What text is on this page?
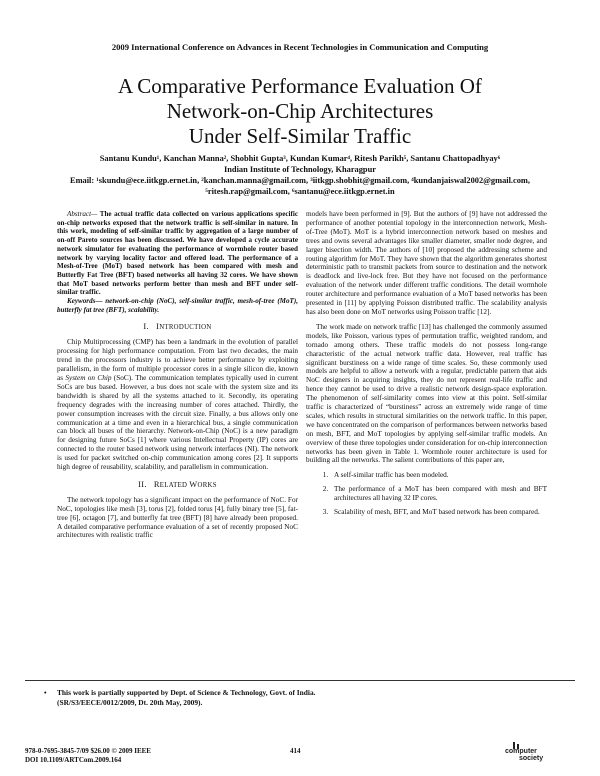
2009 International Conference on Advances in Recent Technologies in Communication and Computing
A Comparative Performance Evaluation Of
Network-on-Chip Architectures
Under Self-Similar Traffic
Santanu Kundu¹, Kanchan Manna², Shobhit Gupta³, Kundan Kumar⁴, Ritesh Parikh⁵, Santanu Chattopadhyay⁶
Indian Institute of Technology, Kharagpur
Email: ¹skundu@ece.iitkgp.ernet.in, ²kanchan.manna@gmail.com, ³iitkgp.shobhit@gmail.com, ⁴kundanjaiswal2002@gmail.com,
⁵ritesh.rap@gmail.com, ⁶santanu@ece.iitkgp.ernet.in

Abstract— The actual traffic data collected on various applications specific on-chip networks exposed that the network traffic is self-similar in nature. In this work, modeling of self-similar traffic by aggregation of a large number of on-off Pareto sources has been discussed. We have developed a cycle accurate network simulator for evaluating the performance of wormhole router based network by varying locality factor and offered load. The performance of a Mesh-of-Tree (MoT) based network has been compared with mesh and Butterfly Fat Tree (BFT) based networks all having 32 cores. We have shown that MoT based networks perform better than mesh and BFT under self-similar traffic.

Keywords— network-on-chip (NoC), self-similar traffic, mesh-of-tree (MoT), butterfly fat tree (BFT), scalability.

I. INTRODUCTION

Chip Multiprocessing (CMP) has been a landmark in the evolution of parallel processing for high performance computation. From last two decades, the main trend in the processors industry is to achieve better performance by exploiting parallelism, in the form of multiple processor cores in a single silicon die, known as System on Chip (SoC). The communication templates typically used in current SoCs are bus based. However, a bus does not scale with the system size and its bandwidth is shared by all the systems attached to it. Secondly, its operating frequency degrades with the increasing number of cores attached. Thirdly, the power consumption increases with the circuit size. Finally, a bus allows only one communication at a time and even in a hierarchical bus, a single communication can block all buses of the hierarchy. Network-on-Chip (NoC) is a new paradigm for designing future SoCs [1] where various Intellectual Property (IP) cores are connected to the router based network using network interfaces (NI). The network is used for packet switched on-chip communication among cores [2]. It supports high degree of reusability, scalability, and parallelism in communication.

II. RELATED WORKS

The network topology has a significant impact on the performance of NoC. For NoC, topologies like mesh [3], torus [2], folded torus [4], fully binary tree [5], fat-tree [6], octagon [7], and butterfly fat tree (BFT) [8] have already been proposed. A detailed comparative performance evaluation of a set of recently proposed NoC architectures with realistic traffic

models have been performed in [9]. But the authors of [9] have not addressed the performance of another potential topology in the interconnection network, Mesh-of-Tree (MoT). MoT is a hybrid interconnection network based on meshes and trees and owns several advantages like smaller diameter, smaller node degree, and larger bisection width. The authors of [10] proposed the addressing scheme and routing algorithm for MoT. They have shown that the algorithm generates shortest deterministic path to transmit packets from source to destination and the network is deadlock and live-lock free. But they have not focused on the performance evaluation of the network under different traffic conditions. The detail wormhole router architecture and performance evaluation of a MoT based networks has been presented in [11] by applying Poisson distributed traffic. The scalability analysis has also been done on MoT networks using Poisson traffic [12].

The work made on network traffic [13] has challenged the commonly assumed models, like Poisson, various types of permutation traffic, weighted random, and tornado among others. These traffic models do not possess long-range characteristic of the actual network traffic data. However, real traffic has significant burstiness on a wide range of time scales. So, these commonly used models are helpful to allow a network with a regular, predictable pattern that aids NoC designers in acquiring insights, they do not represent real-life traffic and hence they cannot be used to drive a realistic network design-space exploration. The phenomenon of self-similarity comes into view at this point. Self-similar traffic is characterized of “burstiness” across an extremely wide range of time scales, which results in structural similarities on the network traffic. In this paper, we have concentrated on the comparison of performances between networks based on mesh, BFT, and MoT topologies by applying self-similar traffic models. An overview of these three topologies under consideration for on-chip interconnection networks has been given in Table 1. Wormhole router architecture is used for building all the networks. The salient contributions of this paper are,

1. A self-similar traffic has been modeled.
2. The performance of a MoT has been compared with mesh and BFT architectures all having 32 IP cores.
3. Scalability of mesh, BFT, and MoT based network has been compared.
• This work is partially supported by Dept. of Science & Technology, Govt. of India.
(SR/S3/EECE/0012/2009, Dt. 20th May, 2009).
978-0-7695-3845-7/09 $26.00 © 2009 IEEE
DOI 10.1109/ARTCom.2009.164
414	computer
society
